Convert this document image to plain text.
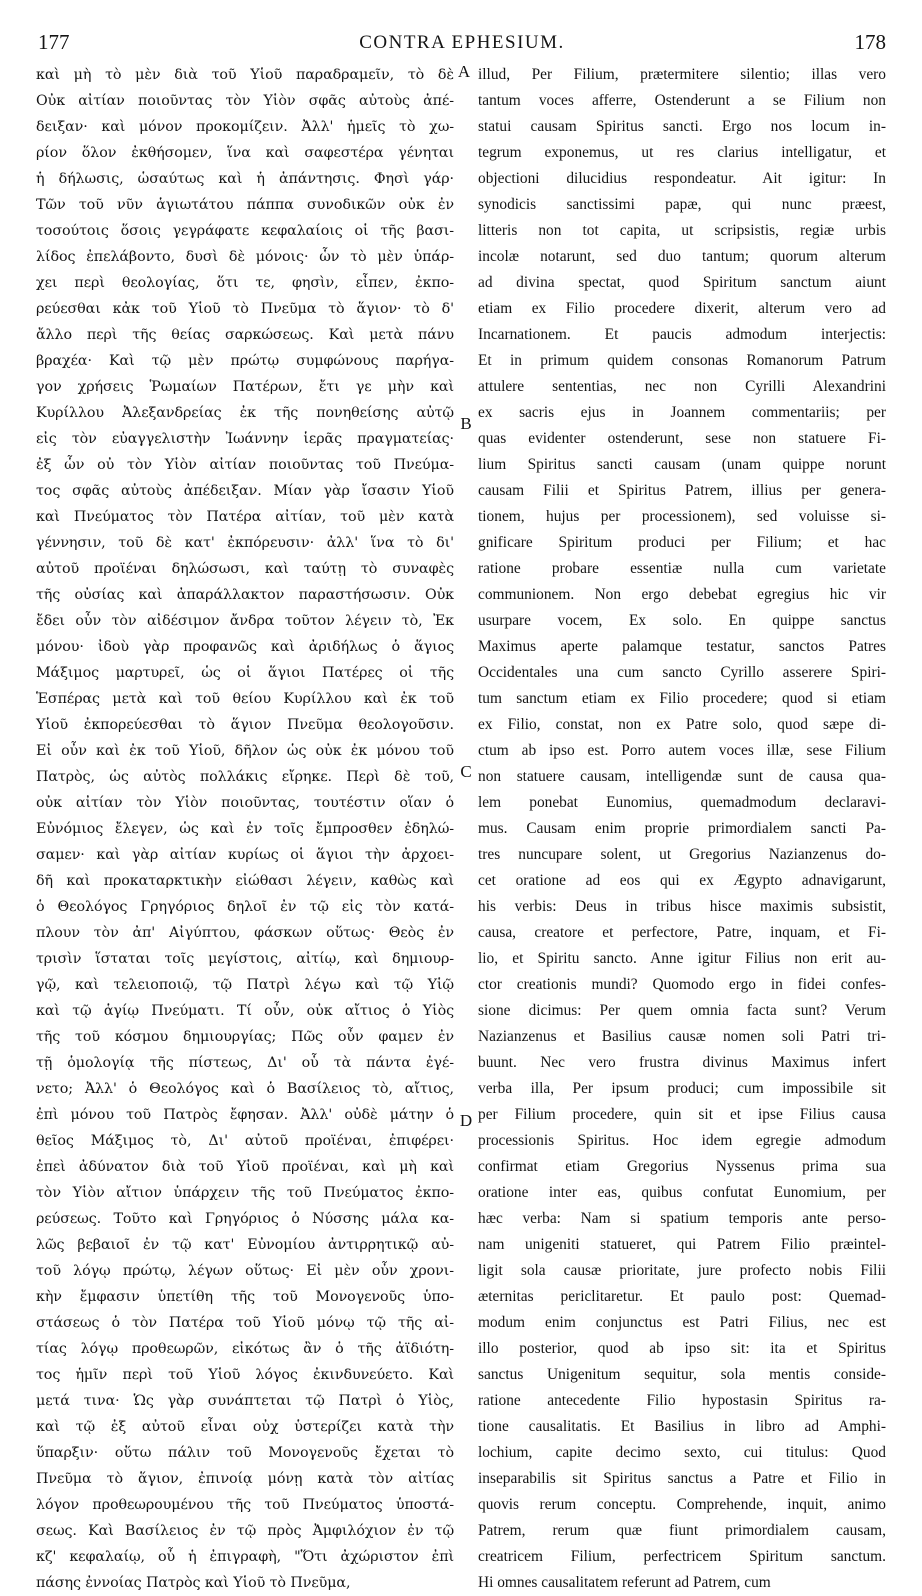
177	CONTRA EPHESIUM.	178
καὶ μὴ τὸ μὲν διὰ τοῦ Υἱοῦ παραδραμεῖν, τὸ δὲ
Οὐκ αἰτίαν ποιοῦντας τὸν Υἱὸν σφᾶς αὐτοὺς ἀπέ-
δειξαν· καὶ μόνον προκομίζειν. Ἀλλ' ἡμεῖς τὸ χω-
ρίον ὅλον ἐκθήσομεν, ἵνα καὶ σαφεστέρα γένηται
ἡ δήλωσις, ὡσαύτως καὶ ἡ ἀπάντησις. Φησὶ γάρ·
Τῶν τοῦ νῦν ἁγιωτάτου πάππα συνοδικῶν οὐκ ἐν
τοσούτοις ὅσοις γεγράφατε κεφαλαίοις οἱ τῆς βασι-
λίδος ἐπελάβοντο, δυσὶ δὲ μόνοις· ὧν τὸ μὲν ὑπάρ-
χει περὶ θεολογίας, ὅτι τε, φησὶν, εἶπεν, ἐκπο-
ρεύεσθαι κἀκ τοῦ Υἱοῦ τὸ Πνεῦμα τὸ ἅγιον· τὸ δ'
ἄλλο περὶ τῆς θείας σαρκώσεως. Καὶ μετὰ πάνυ
βραχέα· Καὶ τῷ μὲν πρώτῳ συμφώνους παρήγα-
γον χρήσεις Ῥωμαίων Πατέρων, ἔτι γε μὴν καὶ
Κυρίλλου Ἀλεξανδρείας ἐκ τῆς πονηθείσης αὐτῷ
εἰς τὸν εὐαγγελιστὴν Ἰωάννην ἱερᾶς πραγματείας·
ἐξ ὧν οὐ τὸν Υἱὸν αἰτίαν ποιοῦντας τοῦ Πνεύμα-
τος σφᾶς αὐτοὺς ἀπέδειξαν. Μίαν γὰρ ἴσασιν Υἱοῦ
καὶ Πνεύματος τὸν Πατέρα αἰτίαν, τοῦ μὲν κατὰ
γέννησιν, τοῦ δὲ κατ' ἐκπόρευσιν· ἀλλ' ἵνα τὸ δι'
αὐτοῦ προϊέναι δηλώσωσι, καὶ ταύτῃ τὸ συναφὲς
τῆς οὐσίας καὶ ἀπαράλλακτον παραστήσωσιν. Οὐκ
ἔδει οὖν τὸν αἰδέσιμον ἄνδρα τοῦτον λέγειν τὸ, Ἐκ
μόνου· ἰδοὺ γὰρ προφανῶς καὶ ἀριδήλως ὁ ἅγιος
Μάξιμος μαρτυρεῖ, ὡς οἱ ἅγιοι Πατέρες οἱ τῆς
Ἑσπέρας μετὰ καὶ τοῦ θείου Κυρίλλου καὶ ἐκ τοῦ
Υἱοῦ ἐκπορεύεσθαι τὸ ἅγιον Πνεῦμα θεολογοῦσιν.
Εἰ οὖν καὶ ἐκ τοῦ Υἱοῦ, δῆλον ὡς οὐκ ἐκ μόνου τοῦ
Πατρὸς, ὡς αὐτὸς πολλάκις εἴρηκε. Περὶ δὲ τοῦ,
οὐκ αἰτίαν τὸν Υἱὸν ποιοῦντας, τουτέστιν οἵαν ὁ
Εὐνόμιος ἔλεγεν, ὡς καὶ ἐν τοῖς ἔμπροσθεν ἐδηλώ-
σαμεν· καὶ γὰρ αἰτίαν κυρίως οἱ ἅγιοι τὴν ἀρχοει-
δῆ καὶ προκαταρκτικὴν εἰώθασι λέγειν, καθὼς καὶ
ὁ Θεολόγος Γρηγόριος δηλοῖ ἐν τῷ εἰς τὸν κατά-
πλουν τὸν ἀπ' Αἰγύπτου, φάσκων οὕτως· Θεὸς ἐν
τρισὶν ἵσταται τοῖς μεγίστοις, αἰτίῳ, καὶ δημιουρ-
γῷ, καὶ τελειοποιῷ, τῷ Πατρὶ λέγω καὶ τῷ Υἱῷ
καὶ τῷ ἁγίῳ Πνεύματι. Τί οὖν, οὐκ αἴτιος ὁ Υἱὸς
τῆς τοῦ κόσμου δημιουργίας; Πῶς οὖν φαμεν ἐν
τῇ ὁμολογίᾳ τῆς πίστεως, Δι' οὗ τὰ πάντα ἐγέ-
νετο; Ἀλλ' ὁ Θεολόγος καὶ ὁ Βασίλειος τὸ, αἴτιος,
ἐπὶ μόνου τοῦ Πατρὸς ἔφησαν. Ἀλλ' οὐδὲ μάτην ὁ
θεῖος Μάξιμος τὸ, Δι' αὐτοῦ προϊέναι, ἐπιφέρει·
ἐπεὶ ἀδύνατον διὰ τοῦ Υἱοῦ προϊέναι, καὶ μὴ καὶ
τὸν Υἱὸν αἴτιον ὑπάρχειν τῆς τοῦ Πνεύματος ἐκπο-
ρεύσεως. Τοῦτο καὶ Γρηγόριος ὁ Νύσσης μάλα κα-
λῶς βεβαιοῖ ἐν τῷ κατ' Εὐνομίου ἀντιρρητικῷ αὐ-
τοῦ λόγῳ πρώτῳ, λέγων οὕτως· Εἰ μὲν οὖν χρονι-
κὴν ἔμφασιν ὑπετίθη τῆς τοῦ Μονογενοῦς ὑπο-
στάσεως ὁ τὸν Πατέρα τοῦ Υἱοῦ μόνῳ τῷ τῆς αἰ-
τίας λόγῳ προθεωρῶν, εἰκότως ἂν ὁ τῆς ἀϊδιότη-
τος ἡμῖν περὶ τοῦ Υἱοῦ λόγος ἐκινδυνεύετο. Καὶ
μετά τινα· Ὡς γὰρ συνάπτεται τῷ Πατρὶ ὁ Υἱὸς,
καὶ τῷ ἐξ αὐτοῦ εἶναι οὐχ ὑστερίζει κατὰ τὴν
ὕπαρξιν· οὕτω πάλιν τοῦ Μονογενοῦς ἔχεται τὸ
Πνεῦμα τὸ ἅγιον, ἐπινοίᾳ μόνῃ κατὰ τὸν αἰτίας
λόγον προθεωρουμένου τῆς τοῦ Πνεύματος ὑποστά-
σεως. Καὶ Βασίλειος ἐν τῷ πρὸς Ἀμφιλόχιον ἐν τῷ
κζ' κεφαλαίῳ, οὗ ἡ ἐπιγραφὴ, "Ὅτι ἀχώριστον ἐπὶ
πάσης ἐννοίας Πατρὸς καὶ Υἱοῦ τὸ Πνεῦμα,
illud, Per Filium, prætermitere silentio; illas vero
tantum voces afferre, Ostenderunt a se Filium non
statui causam Spiritus sancti. Ergo nos locum in-
tegrum exponemus, ut res clarius intelligatur, et
objectioni dilucidius respondeatur. Ait igitur: In
synodicis sanctissimi papæ, qui nunc præest,
litteris non tot capita, ut scripsistis, regiæ urbis
incolæ notarunt, sed duo tantum; quorum alterum
ad divina spectat, quod Spiritum sanctum aiunt
etiam ex Filio procedere dixerit, alterum vero ad
Incarnationem. Et paucis admodum interjectis:
Et in primum quidem consonas Romanorum Patrum
attulere sententias, nec non Cyrilli Alexandrini
ex sacris ejus in Joannem commentariis; per
quas evidenter ostenderunt, sese non statuere Fi-
lium Spiritus sancti causam (unam quippe norunt
causam Filii et Spiritus Patrem, illius per genera-
tionem, hujus per processionem), sed voluisse si-
gnificare Spiritum produci per Filium; et hac
ratione probare essentiæ nulla cum varietate
communionem. Non ergo debebat egregius hic vir
usurpare vocem, Ex solo. En quippe sanctus
Maximus aperte palamque testatur, sanctos Patres
Occidentales una cum sancto Cyrillo asserere Spiri-
tum sanctum etiam ex Filio procedere; quod si etiam
ex Filio, constat, non ex Patre solo, quod sæpe di-
ctum ab ipso est. Porro autem voces illæ, sese Filium
non statuere causam, intelligendæ sunt de causa qua-
lem ponebat Eunomius, quemadmodum declaravi-
mus. Causam enim proprie primordialem sancti Pa-
tres nuncupare solent, ut Gregorius Nazianzenus do-
cet oratione ad eos qui ex Ægypto adnavigarunt,
his verbis: Deus in tribus hisce maximis subsistit,
causa, creatore et perfectore, Patre, inquam, et Fi-
lio, et Spiritu sancto. Anne igitur Filius non erit au-
ctor creationis mundi? Quomodo ergo in fidei confes-
sione dicimus: Per quem omnia facta sunt? Verum
Nazianzenus et Basilius causæ nomen soli Patri tri-
buunt. Nec vero frustra divinus Maximus infert
verba illa, Per ipsum produci; cum impossibile sit
per Filium procedere, quin sit et ipse Filius causa
processionis Spiritus. Hoc idem egregie admodum
confirmat etiam Gregorius Nyssenus prima sua
oratione inter eas, quibus confutat Eunomium, per
hæc verba: Nam si spatium temporis ante perso-
nam unigeniti statueret, qui Patrem Filio præintel-
ligit sola causæ prioritate, jure profecto nobis Filii
æternitas periclitaretur. Et paulo post: Quemad-
modum enim conjunctus est Patri Filius, nec est
illo posterior, quod ab ipso sit: ita et Spiritus
sanctus Unigenitum sequitur, sola mentis conside-
ratione antecedente Filio hypostasin Spiritus ra-
tione causalitatis. Et Basilius in libro ad Amphi-
lochium, capite decimo sexto, cui titulus: Quod
inseparabilis sit Spiritus sanctus a Patre et Filio in
quovis rerum conceptu. Comprehende, inquit, animo
Patrem, rerum quæ fiunt primordialem causam,
creatricem Filium, perfectricem Spiritum sanctum.
Hi omnes causalitatem referunt ad Patrem, cum
A
B
C
D
